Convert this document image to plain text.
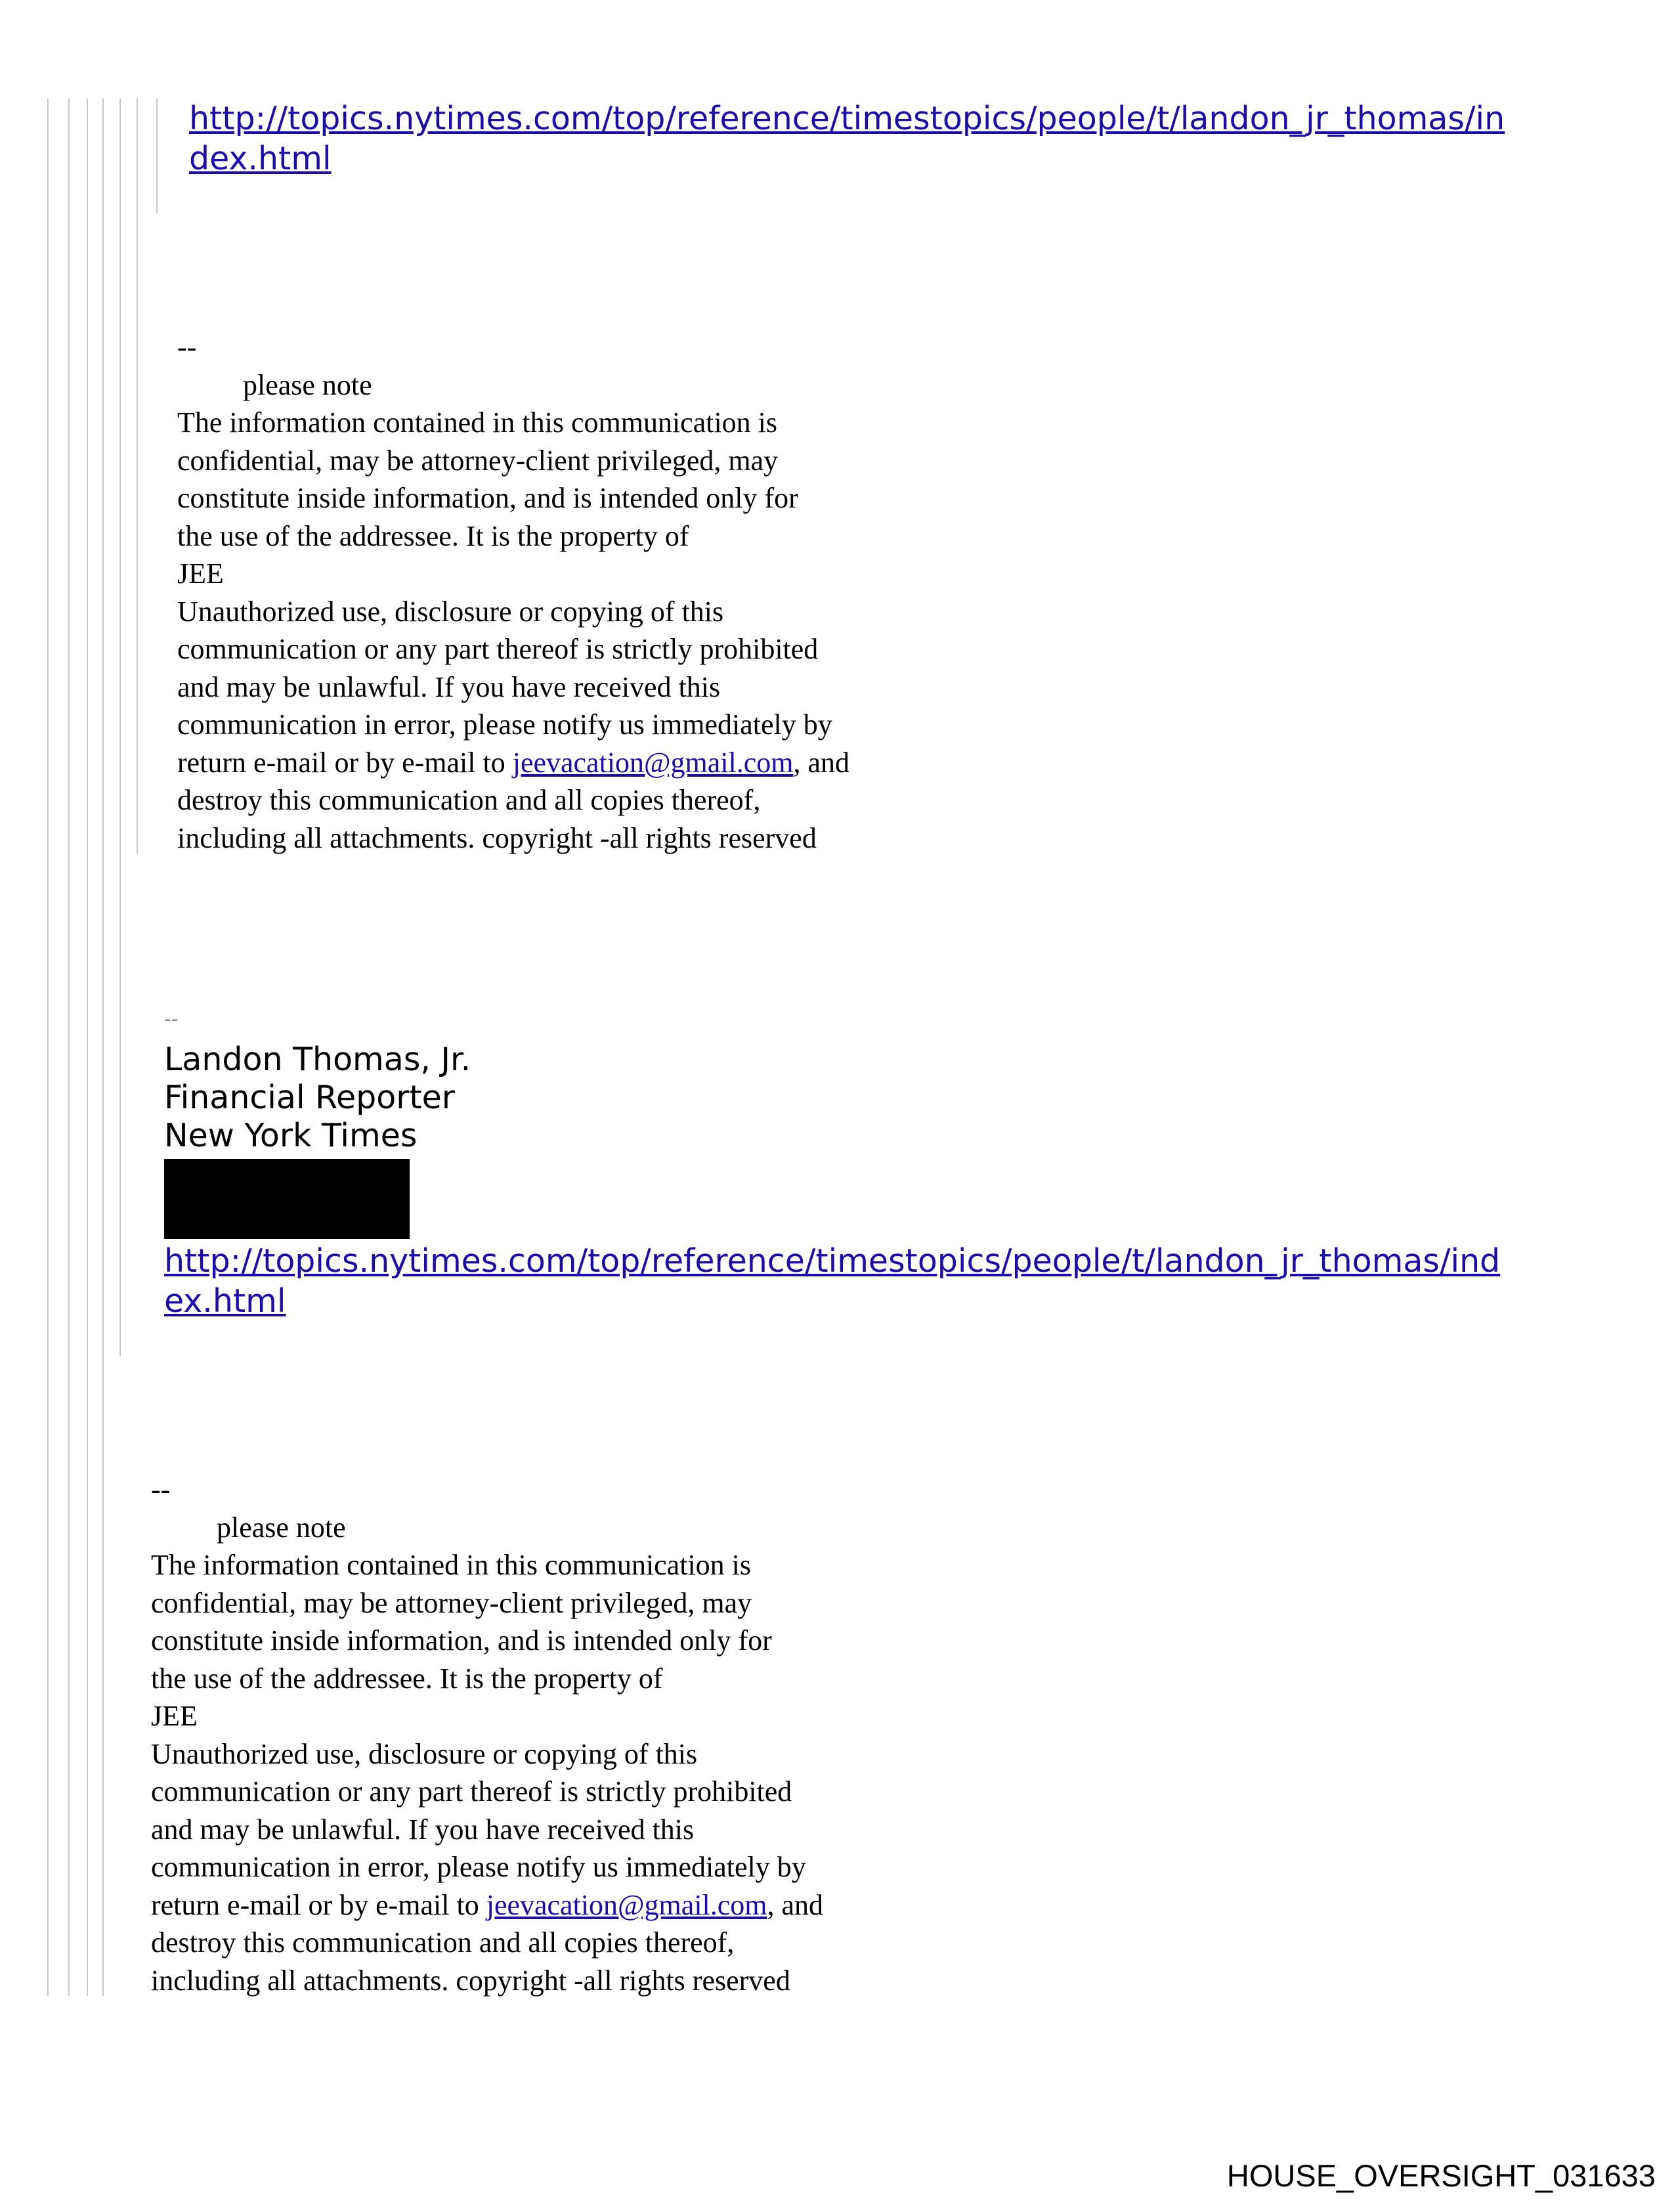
http://topics.nytimes.com/top/reference/timestopics/people/t/landon_jr_thomas/in
dex.html
--
please note
The information contained in this communication is
confidential, may be attorney-client privileged, may
constitute inside information, and is intended only for
the use of the addressee. It is the property of
JEE
Unauthorized use, disclosure or copying of this
communication or any part thereof is strictly prohibited
and may be unlawful. If you have received this
communication in error, please notify us immediately by
return e-mail or by e-mail to jeevacation@gmail.com, and
destroy this communication and all copies thereof,
including all attachments. copyright -all rights reserved
--
Landon Thomas, Jr.
Financial Reporter
New York Times
http://topics.nytimes.com/top/reference/timestopics/people/t/landon_jr_thomas/ind
ex.html
--
please note
The information contained in this communication is
confidential, may be attorney-client privileged, may
constitute inside information, and is intended only for
the use of the addressee. It is the property of
JEE
Unauthorized use, disclosure or copying of this
communication or any part thereof is strictly prohibited
and may be unlawful. If you have received this
communication in error, please notify us immediately by
return e-mail or by e-mail to jeevacation@gmail.com, and
destroy this communication and all copies thereof,
including all attachments. copyright -all rights reserved
HOUSE_OVERSIGHT_031633
